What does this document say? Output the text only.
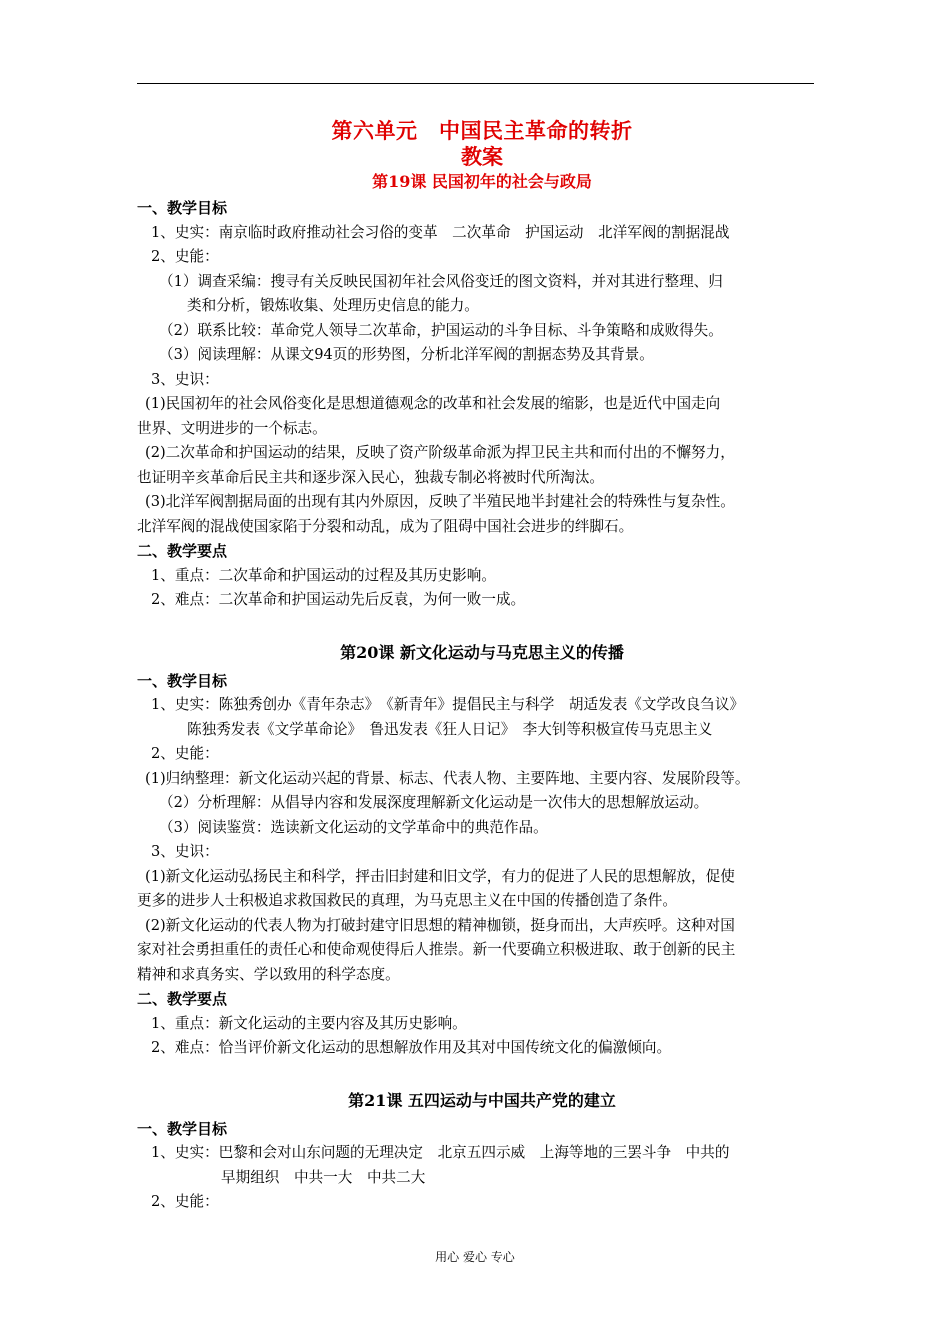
第六单元　中国民主革命的转折

教案

第19课 民国初年的社会与政局

一、教学目标

1、史实：南京临时政府推动社会习俗的变革　二次革命　护国运动　北洋军阀的割据混战

2、史能：

（1）调查采编：搜寻有关反映民国初年社会风俗变迁的图文资料，并对其进行整理、归

类和分析，锻炼收集、处理历史信息的能力。

（2）联系比较：革命党人领导二次革命，护国运动的斗争目标、斗争策略和成败得失。

（3）阅读理解：从课文94页的形势图，分析北洋军阀的割据态势及其背景。

3、史识：

(1)民国初年的社会风俗变化是思想道德观念的改革和社会发展的缩影，也是近代中国走向

世界、文明进步的一个标志。

(2)二次革命和护国运动的结果，反映了资产阶级革命派为捍卫民主共和而付出的不懈努力，

也证明辛亥革命后民主共和逐步深入民心，独裁专制必将被时代所淘汰。

(3)北洋军阀割据局面的出现有其内外原因，反映了半殖民地半封建社会的特殊性与复杂性。

北洋军阀的混战使国家陷于分裂和动乱，成为了阻碍中国社会进步的绊脚石。

二、教学要点

1、重点：二次革命和护国运动的过程及其历史影响。

2、难点：二次革命和护国运动先后反袁，为何一败一成。

第20课 新文化运动与马克思主义的传播

一、教学目标

1、史实：陈独秀创办《青年杂志》　《新青年》提倡民主与科学　胡适发表《文学改良刍议》

陈独秀发表《文学革命论》　鲁迅发表《狂人日记》　李大钊等积极宣传马克思主义

2、史能：

(1)归纳整理：新文化运动兴起的背景、标志、代表人物、主要阵地、主要内容、发展阶段等。

（2）分析理解：从倡导内容和发展深度理解新文化运动是一次伟大的思想解放运动。

（3）阅读鉴赏：选读新文化运动的文学革命中的典范作品。

3、史识：

(1)新文化运动弘扬民主和科学，抨击旧封建和旧文学，有力的促进了人民的思想解放，促使

更多的进步人士积极追求救国救民的真理，为马克思主义在中国的传播创造了条件。

(2)新文化运动的代表人物为打破封建守旧思想的精神枷锁，挺身而出，大声疾呼。这种对国

家对社会勇担重任的责任心和使命观使得后人推崇。新一代要确立积极进取、敢于创新的民主

精神和求真务实、学以致用的科学态度。

二、教学要点

1、重点：新文化运动的主要内容及其历史影响。

2、难点：恰当评价新文化运动的思想解放作用及其对中国传统文化的偏激倾向。

第21课 五四运动与中国共产党的建立

一、教学目标

1、史实：巴黎和会对山东问题的无理决定　北京五四示威　上海等地的三罢斗争　中共的

早期组织　中共一大　中共二大

2、史能：

用心 爱心 专心
